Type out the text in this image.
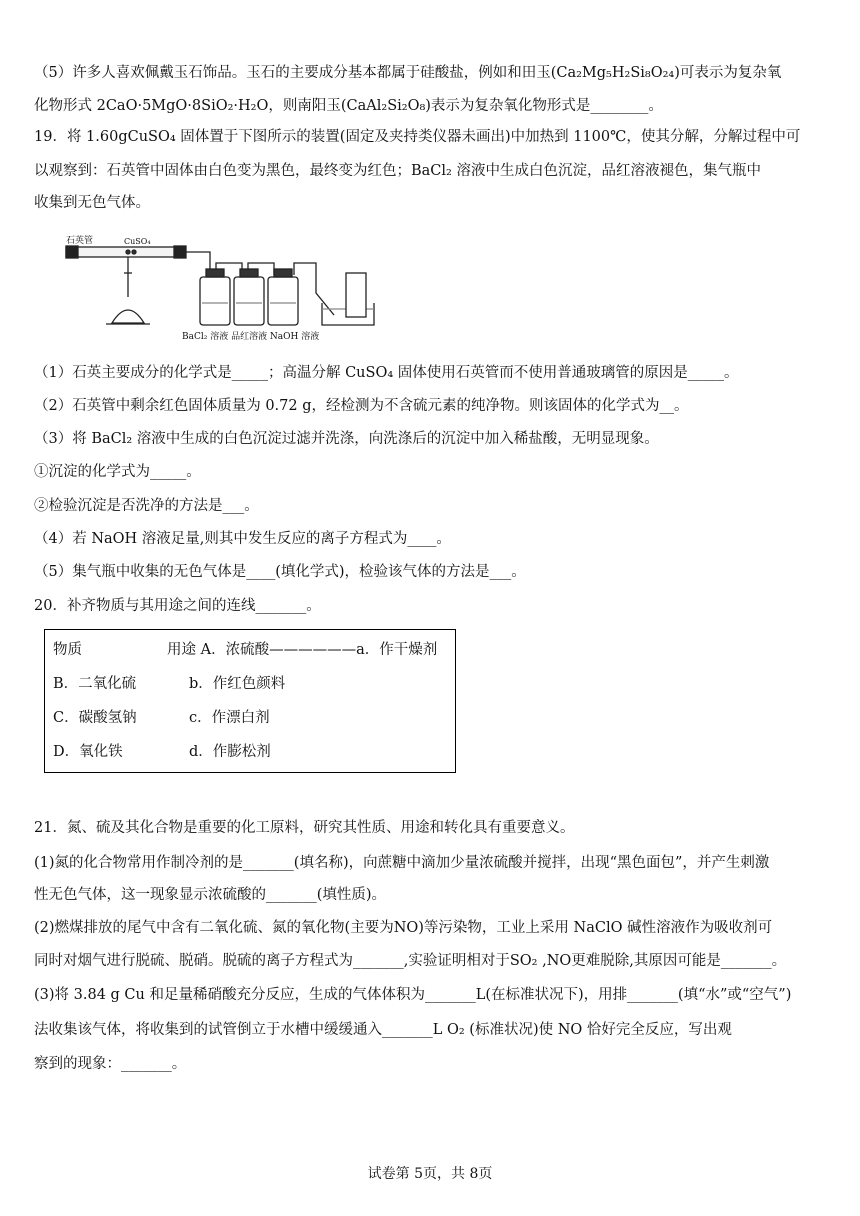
（5）许多人喜欢佩戴玉石饰品。玉石的主要成分基本都属于硅酸盐，例如和田玉(Ca₂Mg₅H₂Si₈O₂₄)可表示为复杂氧
化物形式 2CaO·5MgO·8SiO₂·H₂O，则南阳玉(CaAl₂Si₂O₈)表示为复杂氧化物形式是________。
19．将 1.60gCuSO₄ 固体置于下图所示的装置(固定及夹持类仪器未画出)中加热到 1100℃，使其分解，分解过程中可
以观察到：石英管中固体由白色变为黑色，最终变为红色；BaCl₂ 溶液中生成白色沉淀，品红溶液褪色，集气瓶中
收集到无色气体。
石英管	CuSO₄
BaCl₂ 溶液 品红溶液 NaOH 溶液
（1）石英主要成分的化学式是_____；高温分解 CuSO₄ 固体使用石英管而不使用普通玻璃管的原因是_____。
（2）石英管中剩余红色固体质量为 0.72 g，经检测为不含硫元素的纯净物。则该固体的化学式为__。
（3）将 BaCl₂ 溶液中生成的白色沉淀过滤并洗涤，向洗涤后的沉淀中加入稀盐酸，无明显现象。
①沉淀的化学式为_____。
②检验沉淀是否洗净的方法是___。
（4）若 NaOH 溶液足量,则其中发生反应的离子方程式为____。
（5）集气瓶中收集的无色气体是____(填化学式)，检验该气体的方法是___。
20．补齐物质与其用途之间的连线_______。
物质	用途 A．浓硫酸——————a．作干燥剂
B．二氧化硫	b．作红色颜料
C．碳酸氢钠	c．作漂白剂
D．氧化铁	d．作膨松剂
21．氮、硫及其化合物是重要的化工原料，研究其性质、用途和转化具有重要意义。
(1)氮的化合物常用作制冷剂的是_______(填名称)，向蔗糖中滴加少量浓硫酸并搅拌，出现“黑色面包”，并产生刺激
性无色气体，这一现象显示浓硫酸的_______(填性质)。
(2)燃煤排放的尾气中含有二氧化硫、氮的氧化物(主要为NO)等污染物，工业上采用 NaClO 碱性溶液作为吸收剂可
同时对烟气进行脱硫、脱硝。脱硫的离子方程式为_______,实验证明相对于SO₂ ,NO更难脱除,其原因可能是_______。
(3)将 3.84 g Cu 和足量稀硝酸充分反应，生成的气体体积为_______L(在标准状况下)，用排_______(填“水”或“空气”)
法收集该气体，将收集到的试管倒立于水槽中缓缓通入_______L O₂ (标准状况)使 NO 恰好完全反应，写出观
察到的现象：_______。
试卷第 5页，共 8页
